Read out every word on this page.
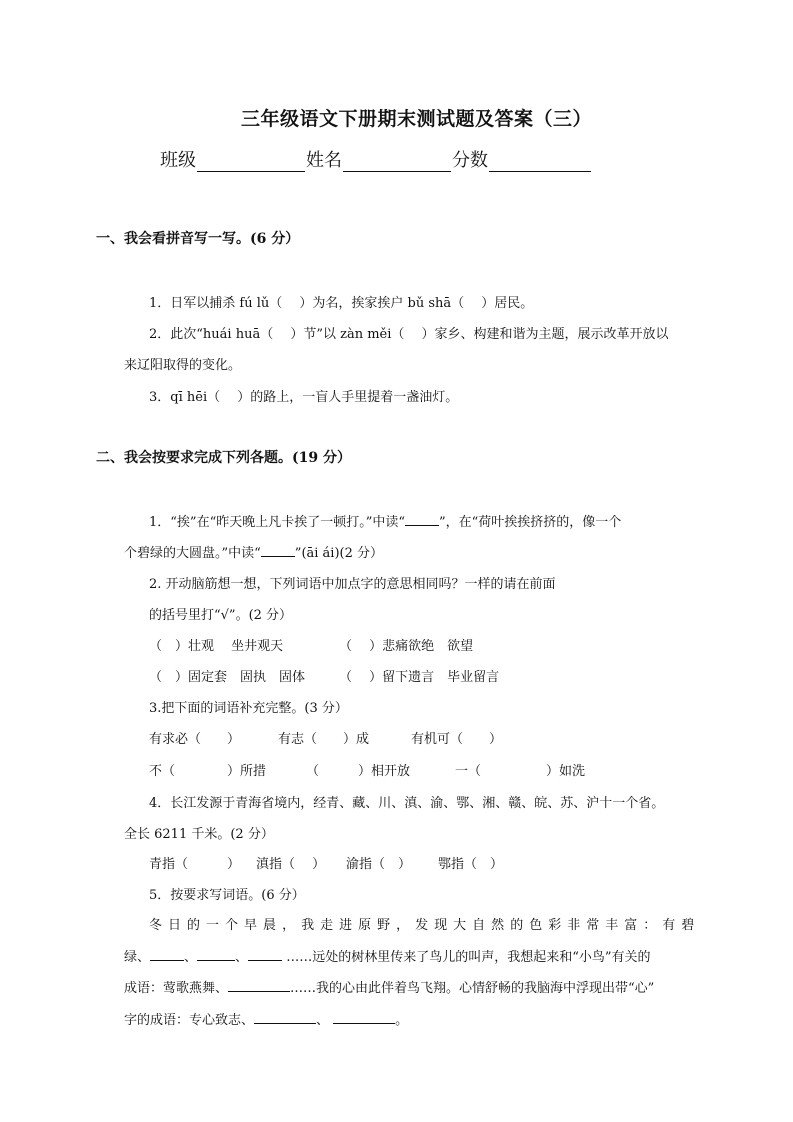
三年级语文下册期末测试题及答案（三）
班级	姓名	分数
一、我会看拼音写一写。(6 分）
1．日军以捕杀 fú lǔ（　 ）为名，挨家挨户 bǔ shā（　 ）居民。
2．此次“huái huā（　 ）节”以 zàn měi（　 ）家乡、构建和谐为主题，展示改革开放以
来辽阳取得的变化。
3．qī hēi（　 ）的路上，一盲人手里提着一盏油灯。
二、我会按要求完成下列各题。(19 分）
1．“挨”在“昨天晚上凡卡挨了一顿打。”中读“	”，在“荷叶挨挨挤挤的，像一个
个碧绿的大圆盘。”中读“	”(āi ái)(2 分）
2. 开动脑筋想一想，下列词语中加点字的意思相同吗？一样的请在前面
的括号里打“√”。(2 分）
（　）壮观　 坐井观天	（　 ）悲痛欲绝　欲望
（　）固定套　固执　固体	（　 ）留下遗言　毕业留言
3.把下面的词语补充完整。(3 分）
有求必（　　）	有志（　　）成	有机可（　　）
不（　　　　）所措	（　　　）相开放	一（　　　　　）如洗
4．长江发源于青海省境内，经青、藏、川、滇、渝、鄂、湘、赣、皖、苏、沪十一个省。
全长 6211 千米。(2 分）
青指（　　　） 滇指（　 ） 渝指（　） 鄂指（　）
5．按要求写词语。(6 分）
冬日的一个早晨，我走进原野，发现大自然的色彩非常丰富：有碧
绿、	、	、	……远处的树林里传来了鸟儿的叫声，我想起来和“小鸟”有关的
成语：莺歌燕舞、	……我的心由此伴着鸟飞翔。心情舒畅的我脑海中浮现出带“心”
字的成语：专心致志、	、	。
